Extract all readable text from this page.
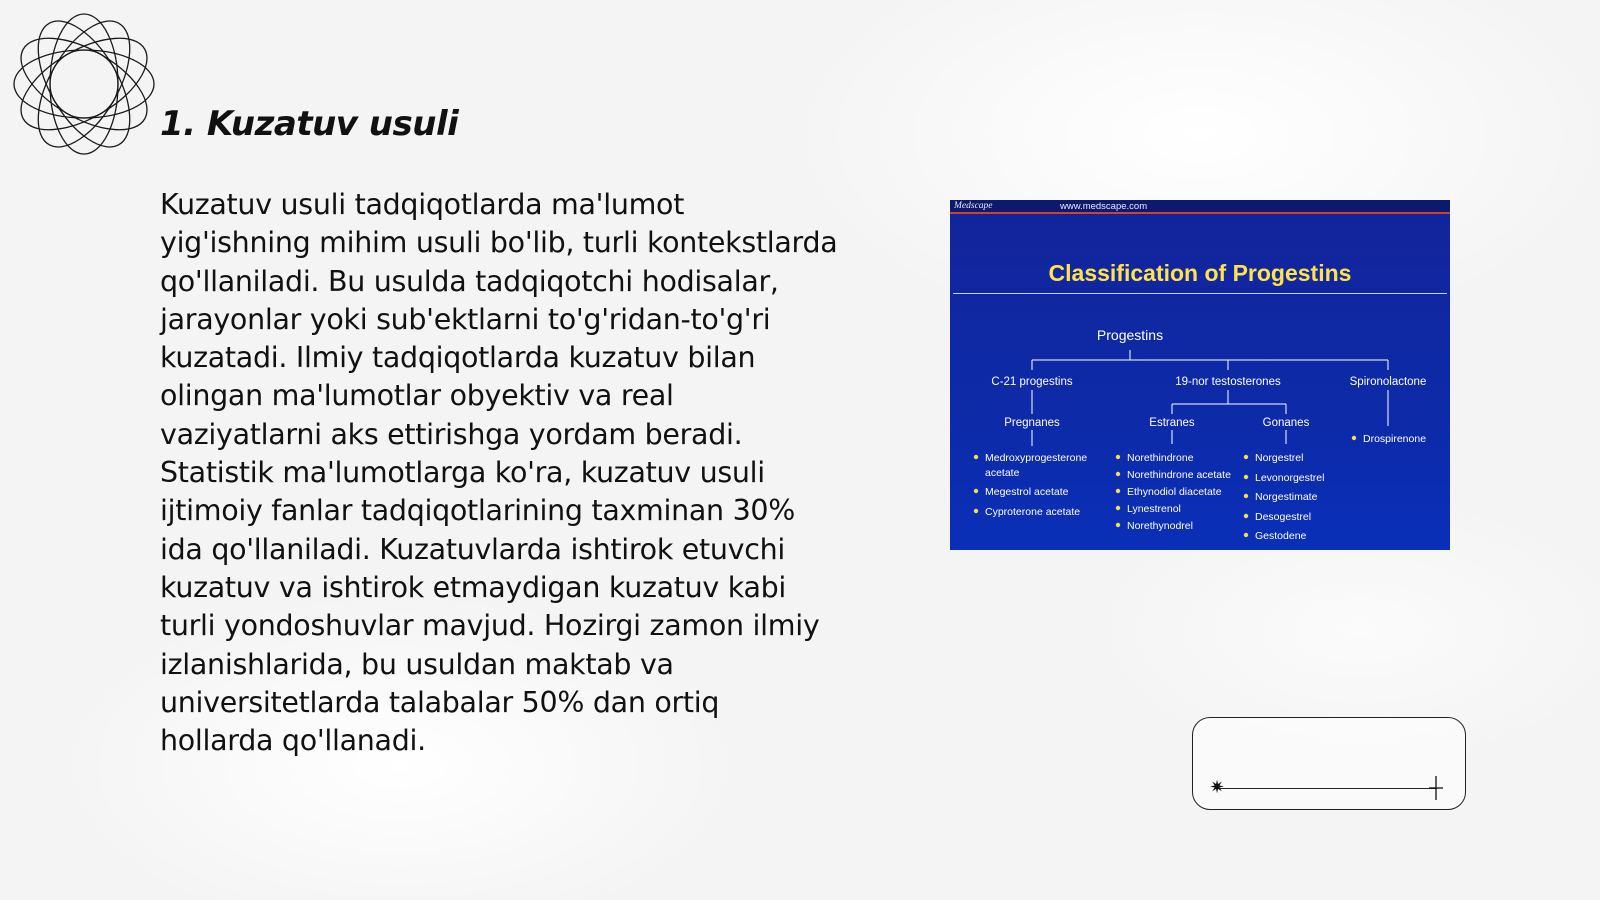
1. Kuzatuv usuli
Kuzatuv usuli tadqiqotlarda ma'lumot yig'ishning mihim usuli bo'lib, turli kontekstlarda qo'llaniladi. Bu usulda tadqiqotchi hodisalar, jarayonlar yoki sub'ektlarni to'g'ridan-to'g'ri kuzatadi. Ilmiy tadqiqotlarda kuzatuv bilan olingan ma'lumotlar obyektiv va real vaziyatlarni aks ettirishga yordam beradi. Statistik ma'lumotlarga ko'ra, kuzatuv usuli ijtimoiy fanlar tadqiqotlarining taxminan 30% ida qo'llaniladi. Kuzatuvlarda ishtirok etuvchi kuzatuv va ishtirok etmaydigan kuzatuv kabi turli yondoshuvlar mavjud. Hozirgi zamon ilmiy izlanishlarida, bu usuldan maktab va universitetlarda talabalar 50% dan ortiq hollarda qo'llanadi.
Medscape	www.medscape.com
Classification of Progestins
Progestins
C-21 progestins	19-nor testosterones	Spironolactone
Pregnanes	Estranes	Gonanes
Medroxyprogesterone
acetate
Megestrol acetate
Cyproterone acetate
Norethindrone
Norethindrone acetate
Ethynodiol diacetate
Lynestrenol
Norethynodrel
Norgestrel
Levonorgestrel
Norgestimate
Desogestrel
Gestodene
Drospirenone
✷
